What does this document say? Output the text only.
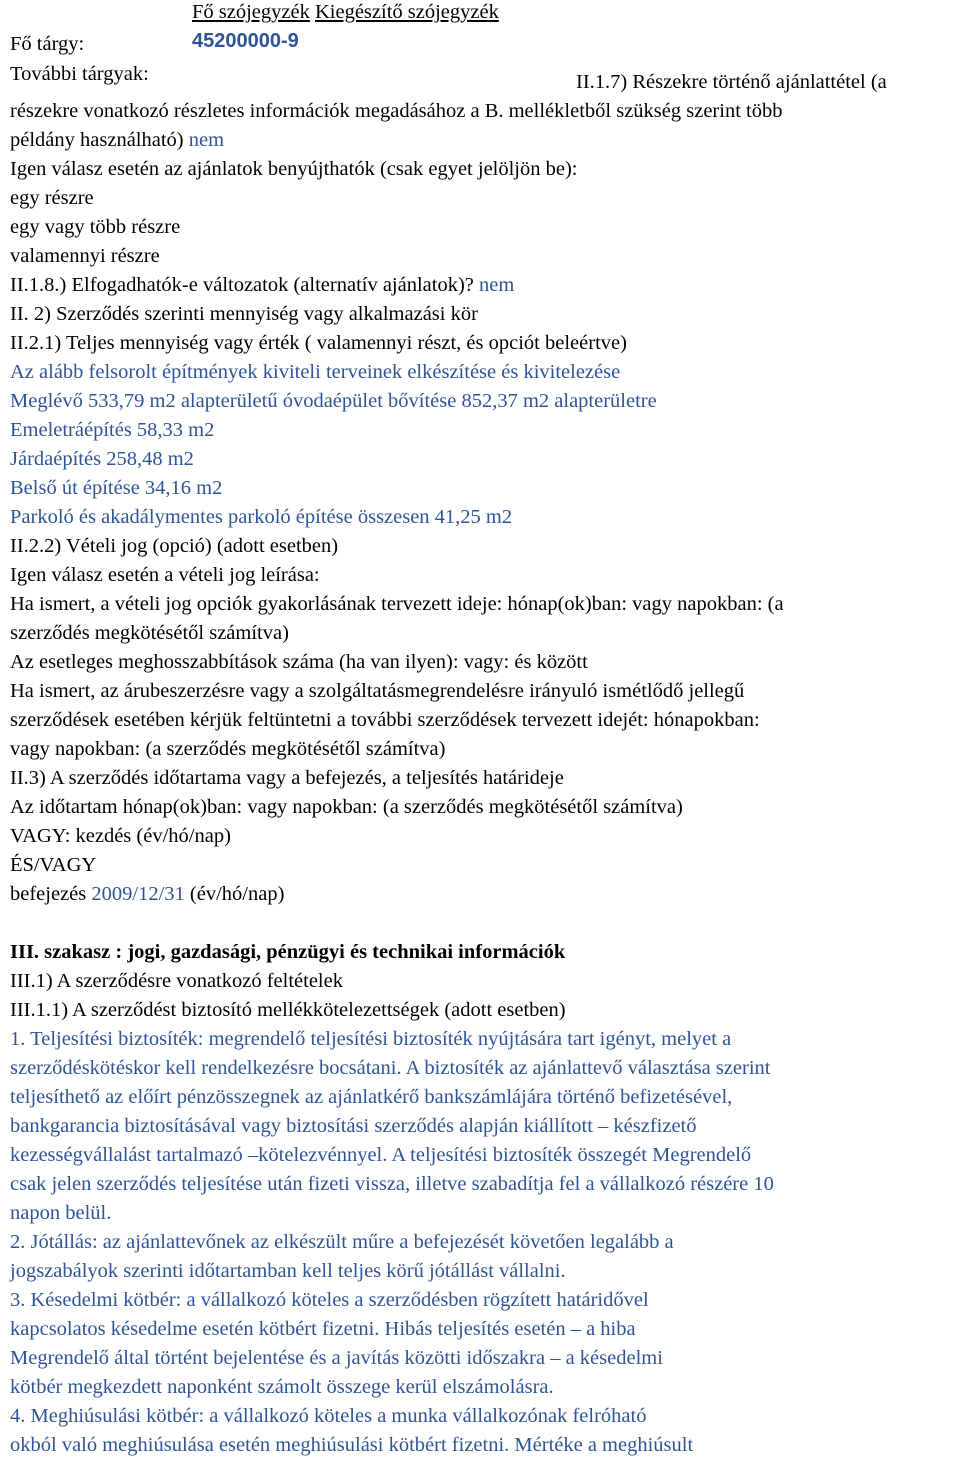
Fő szójegyzék Kiegészítő szójegyzék
Fő tárgy:	45200000-9
További tárgyak:	II.1.7) Részekre történő ajánlattétel (a
részekre vonatkozó részletes információk megadásához a B. mellékletből szükség szerint több
példány használható) nem
Igen válasz esetén az ajánlatok benyújthatók (csak egyet jelöljön be):
egy részre
egy vagy több részre
valamennyi részre
II.1.8.) Elfogadhatók-e változatok (alternatív ajánlatok)? nem
II. 2) Szerződés szerinti mennyiség vagy alkalmazási kör
II.2.1) Teljes mennyiség vagy érték ( valamennyi részt, és opciót beleértve)
Az alább felsorolt építmények kiviteli terveinek elkészítése és kivitelezése
Meglévő 533,79 m2 alapterületű óvodaépület bővítése 852,37 m2 alapterületre
Emeletráépítés 58,33 m2
Járdaépítés 258,48 m2
Belső út építése 34,16 m2
Parkoló és akadálymentes parkoló építése összesen 41,25 m2
II.2.2) Vételi jog (opció) (adott esetben)
Igen válasz esetén a vételi jog leírása:
Ha ismert, a vételi jog opciók gyakorlásának tervezett ideje: hónap(ok)ban: vagy napokban: (a
szerződés megkötésétől számítva)
Az esetleges meghosszabbítások száma (ha van ilyen): vagy: és között
Ha ismert, az árubeszerzésre vagy a szolgáltatásmegrendelésre irányuló ismétlődő jellegű
szerződések esetében kérjük feltüntetni a további szerződések tervezett idejét: hónapokban:
vagy napokban: (a szerződés megkötésétől számítva)
II.3) A szerződés időtartama vagy a befejezés, a teljesítés határideje
Az időtartam hónap(ok)ban: vagy napokban: (a szerződés megkötésétől számítva)
VAGY: kezdés (év/hó/nap)
ÉS/VAGY
befejezés 2009/12/31 (év/hó/nap)
III. szakasz : jogi, gazdasági, pénzügyi és technikai információk
III.1) A szerződésre vonatkozó feltételek
III.1.1) A szerződést biztosító mellékkötelezettségek (adott esetben)
1. Teljesítési biztosíték: megrendelő teljesítési biztosíték nyújtására tart igényt, melyet a
szerződéskötéskor kell rendelkezésre bocsátani. A biztosíték az ajánlattevő választása szerint
teljesíthető az előírt pénzösszegnek az ajánlatkérő bankszámlájára történő befizetésével,
bankgarancia biztosításával vagy biztosítási szerződés alapján kiállított – készfizető
kezességvállalást tartalmazó –kötelezvénnyel. A teljesítési biztosíték összegét Megrendelő
csak jelen szerződés teljesítése után fizeti vissza, illetve szabadítja fel a vállalkozó részére 10
napon belül.
2. Jótállás: az ajánlattevőnek az elkészült műre a befejezését követően legalább a
jogszabályok szerinti időtartamban kell teljes körű jótállást vállalni.
3. Késedelmi kötbér: a vállalkozó köteles a szerződésben rögzített határidővel
kapcsolatos késedelme esetén kötbért fizetni. Hibás teljesítés esetén – a hiba
Megrendelő által történt bejelentése és a javítás közötti időszakra – a késedelmi
kötbér megkezdett naponként számolt összege kerül elszámolásra.
4. Meghiúsulási kötbér: a vállalkozó köteles a munka vállalkozónak felróható
okból való meghiúsulása esetén meghiúsulási kötbért fizetni. Mértéke a meghiúsult
